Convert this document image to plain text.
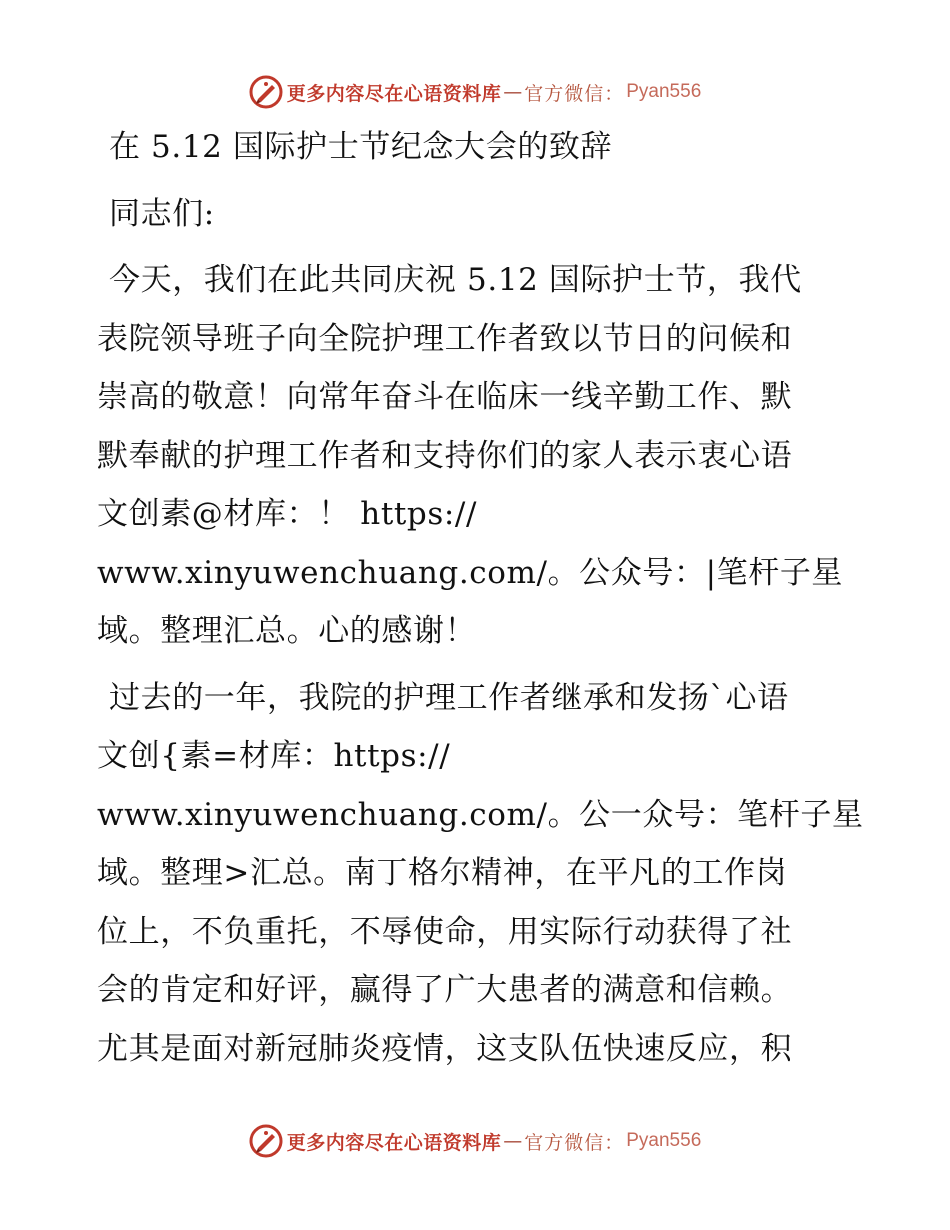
更多内容尽在心语资料库 — 官方微信： Pyan556

在 5.12 国际护士节纪念大会的致辞

同志们:

今天，我们在此共同庆祝 5.12 国际护士节，我代
表院领导班子向全院护理工作者致以节日的问候和
崇高的敬意！向常年奋斗在临床一线辛勤工作、默
默奉献的护理工作者和支持你们的家人表示衷心语
文创素@材库：！ https://
www.xinyuwenchuang.com/。公众号：|笔杆子星
域。整理汇总。心的感谢！

过去的一年，我院的护理工作者继承和发扬`心语
文创{素=材库：https://
www.xinyuwenchuang.com/。公一众号：笔杆子星
域。整理>汇总。南丁格尔精神，在平凡的工作岗
位上，不负重托，不辱使命，用实际行动获得了社
会的肯定和好评，赢得了广大患者的满意和信赖。
尤其是面对新冠肺炎疫情，这支队伍快速反应，积

更多内容尽在心语资料库 — 官方微信： Pyan556
